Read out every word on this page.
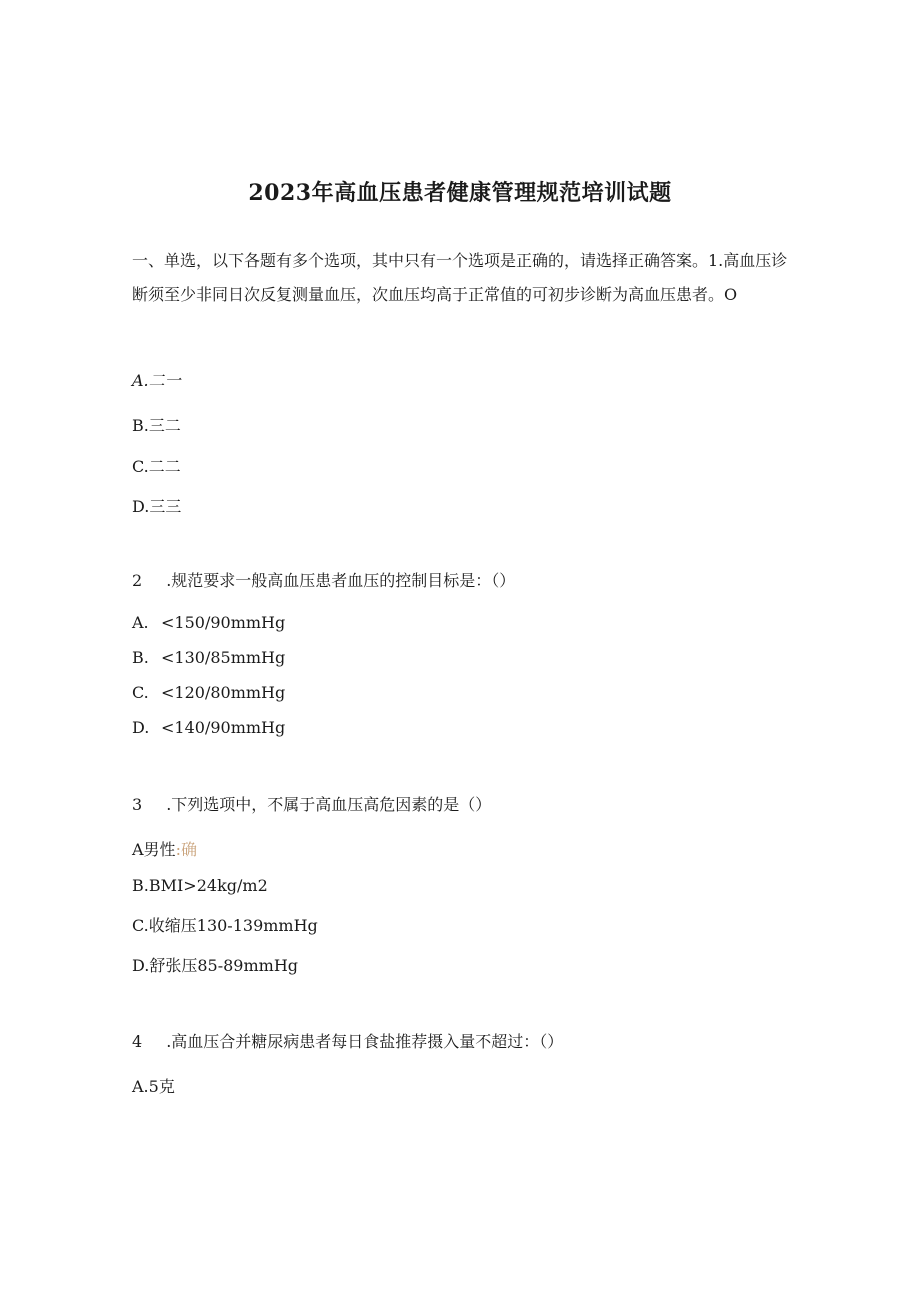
2023年高血压患者健康管理规范培训试题

一、单选，以下各题有多个选项，其中只有一个选项是正确的，请选择正确答案。1.高血压诊断须至少非同日次反复测量血压，次血压均高于正常值的可初步诊断为高血压患者。O

A.二一
B.三二
C.二二
D.三三
2 .规范要求一般高血压患者血压的控制目标是：（）
A. <150/90mmHg
B. <130/85mmHg
C. <120/80mmHg
D. <140/90mmHg
3 .下列选项中，不属于高血压高危因素的是（）
A男性:确
B.BMI>24kg∕m2
C.收缩压130-139mmHg
D.舒张压85-89mmHg
4 .高血压合并糖尿病患者每日食盐推荐摄入量不超过：（）
A.5克
